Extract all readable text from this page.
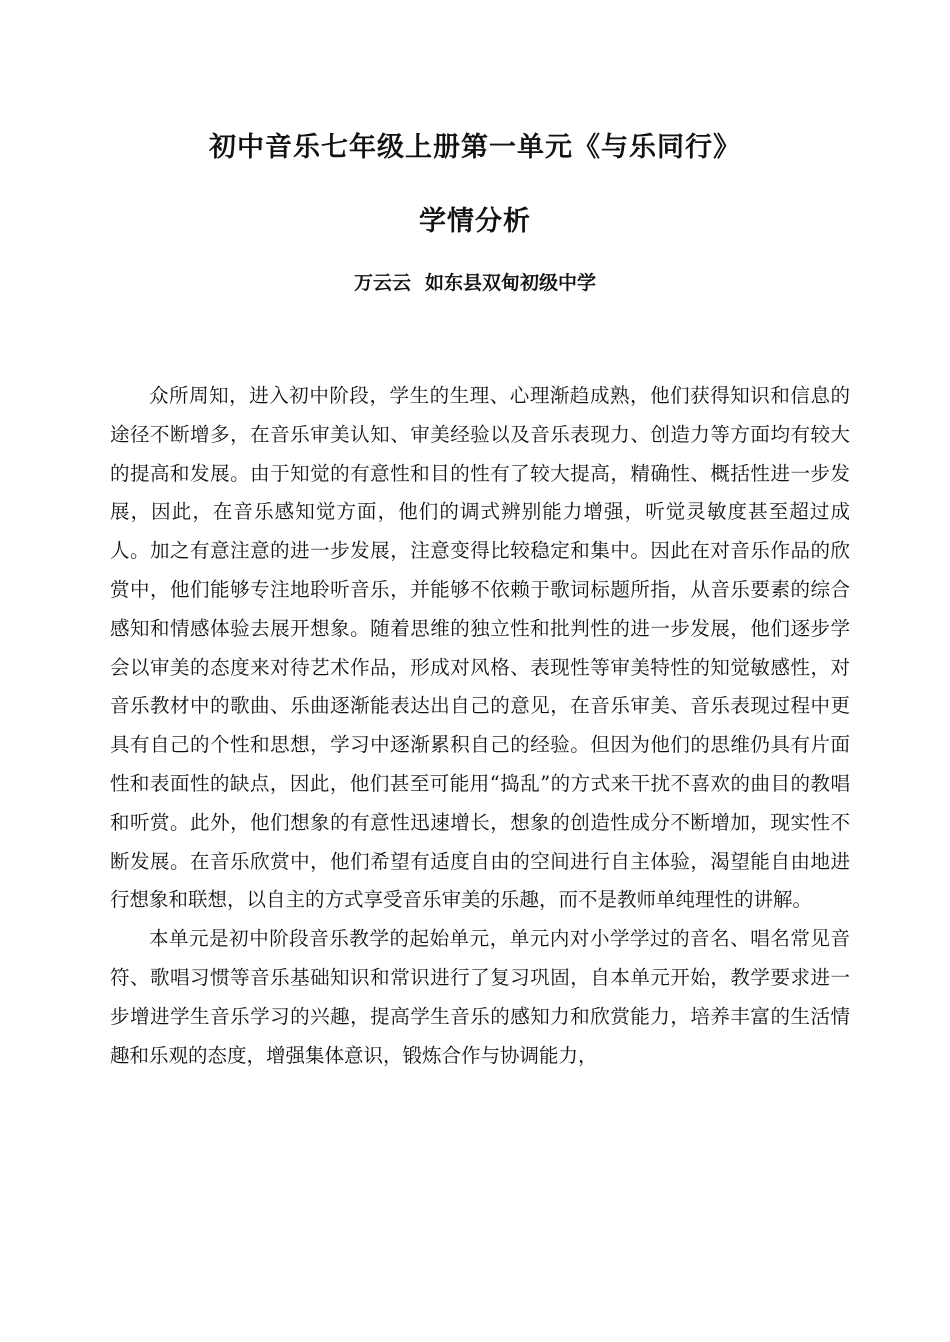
初中音乐七年级上册第一单元《与乐同行》
学情分析
万云云 如东县双甸初级中学

众所周知，进入初中阶段，学生的生理、心理渐趋成熟，他们获得知识和信息的途径不断增多，在音乐审美认知、审美经验以及音乐表现力、创造力等方面均有较大的提高和发展。由于知觉的有意性和目的性有了较大提高，精确性、概括性进一步发展，因此，在音乐感知觉方面，他们的调式辨别能力增强，听觉灵敏度甚至超过成人。加之有意注意的进一步发展，注意变得比较稳定和集中。因此在对音乐作品的欣赏中，他们能够专注地聆听音乐，并能够不依赖于歌词标题所指，从音乐要素的综合感知和情感体验去展开想象。随着思维的独立性和批判性的进一步发展，他们逐步学会以审美的态度来对待艺术作品，形成对风格、表现性等审美特性的知觉敏感性，对音乐教材中的歌曲、乐曲逐渐能表达出自己的意见，在音乐审美、音乐表现过程中更具有自己的个性和思想，学习中逐渐累积自己的经验。但因为他们的思维仍具有片面性和表面性的缺点，因此，他们甚至可能用“捣乱”的方式来干扰不喜欢的曲目的教唱和听赏。此外，他们想象的有意性迅速增长，想象的创造性成分不断增加，现实性不断发展。在音乐欣赏中，他们希望有适度自由的空间进行自主体验，渴望能自由地进行想象和联想，以自主的方式享受音乐审美的乐趣，而不是教师单纯理性的讲解。

本单元是初中阶段音乐教学的起始单元，单元内对小学学过的音名、唱名常见音符、歌唱习惯等音乐基础知识和常识进行了复习巩固，自本单元开始，教学要求进一步增进学生音乐学习的兴趣，提高学生音乐的感知力和欣赏能力，培养丰富的生活情趣和乐观的态度，增强集体意识，锻炼合作与协调能力，
